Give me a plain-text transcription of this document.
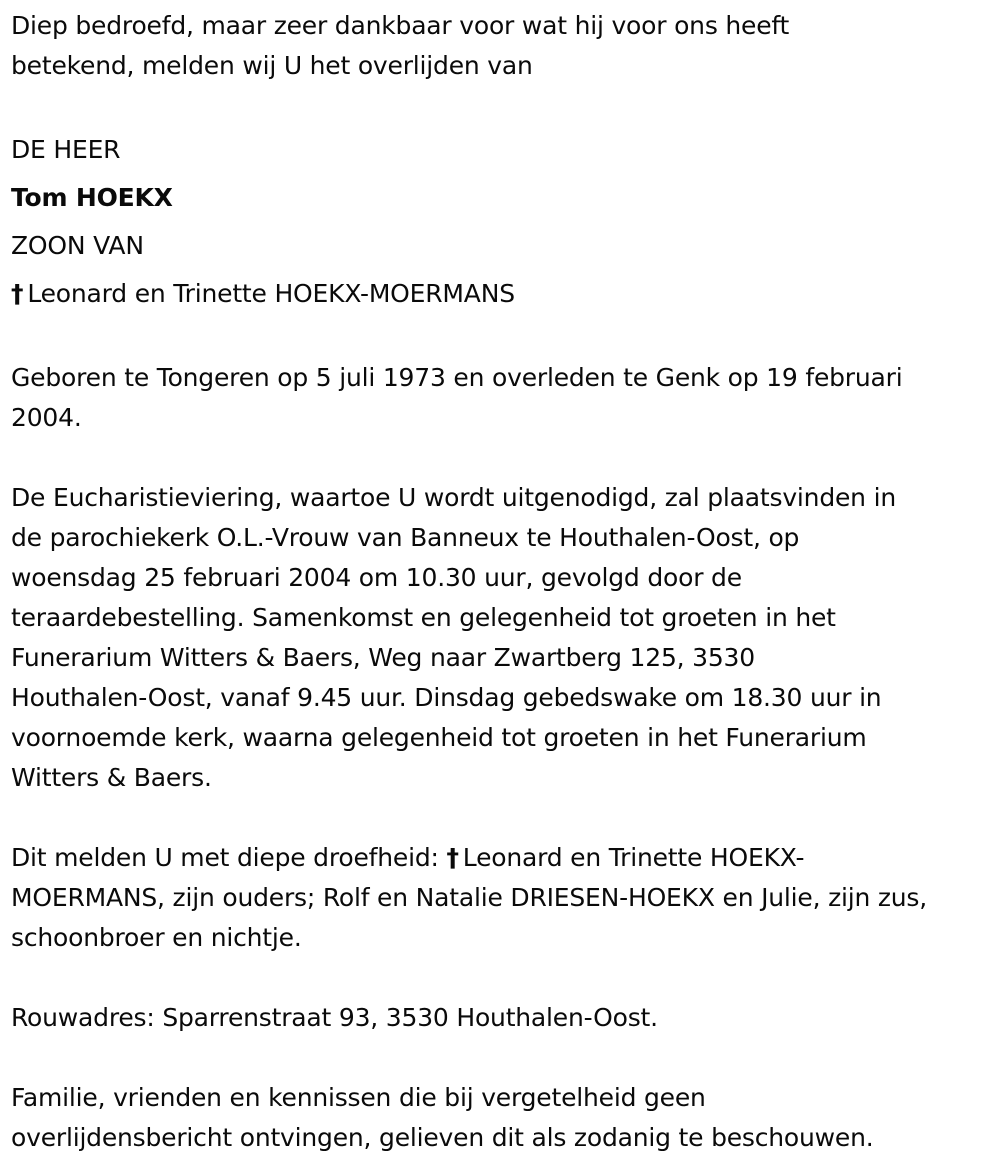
Diep bedroefd, maar zeer dankbaar voor wat hij voor ons heeft

betekend, melden wij U het overlijden van

DE HEER

Tom HOEKX

ZOON VAN

† Leonard en Trinette HOEKX-MOERMANS

Geboren te Tongeren op 5 juli 1973 en overleden te Genk op 19 februari

2004.

De Eucharistieviering, waartoe U wordt uitgenodigd, zal plaatsvinden in

de parochiekerk O.L.-Vrouw van Banneux te Houthalen-Oost, op

woensdag 25 februari 2004 om 10.30 uur, gevolgd door de

teraardebestelling. Samenkomst en gelegenheid tot groeten in het

Funerarium Witters & Baers, Weg naar Zwartberg 125, 3530

Houthalen-Oost, vanaf 9.45 uur. Dinsdag gebedswake om 18.30 uur in

voornoemde kerk, waarna gelegenheid tot groeten in het Funerarium

Witters & Baers.

Dit melden U met diepe droefheid: † Leonard en Trinette HOEKX-

MOERMANS, zijn ouders; Rolf en Natalie DRIESEN-HOEKX en Julie, zijn zus,

schoonbroer en nichtje.

Rouwadres: Sparrenstraat 93, 3530 Houthalen-Oost.

Familie, vrienden en kennissen die bij vergetelheid geen

overlijdensbericht ontvingen, gelieven dit als zodanig te beschouwen.
